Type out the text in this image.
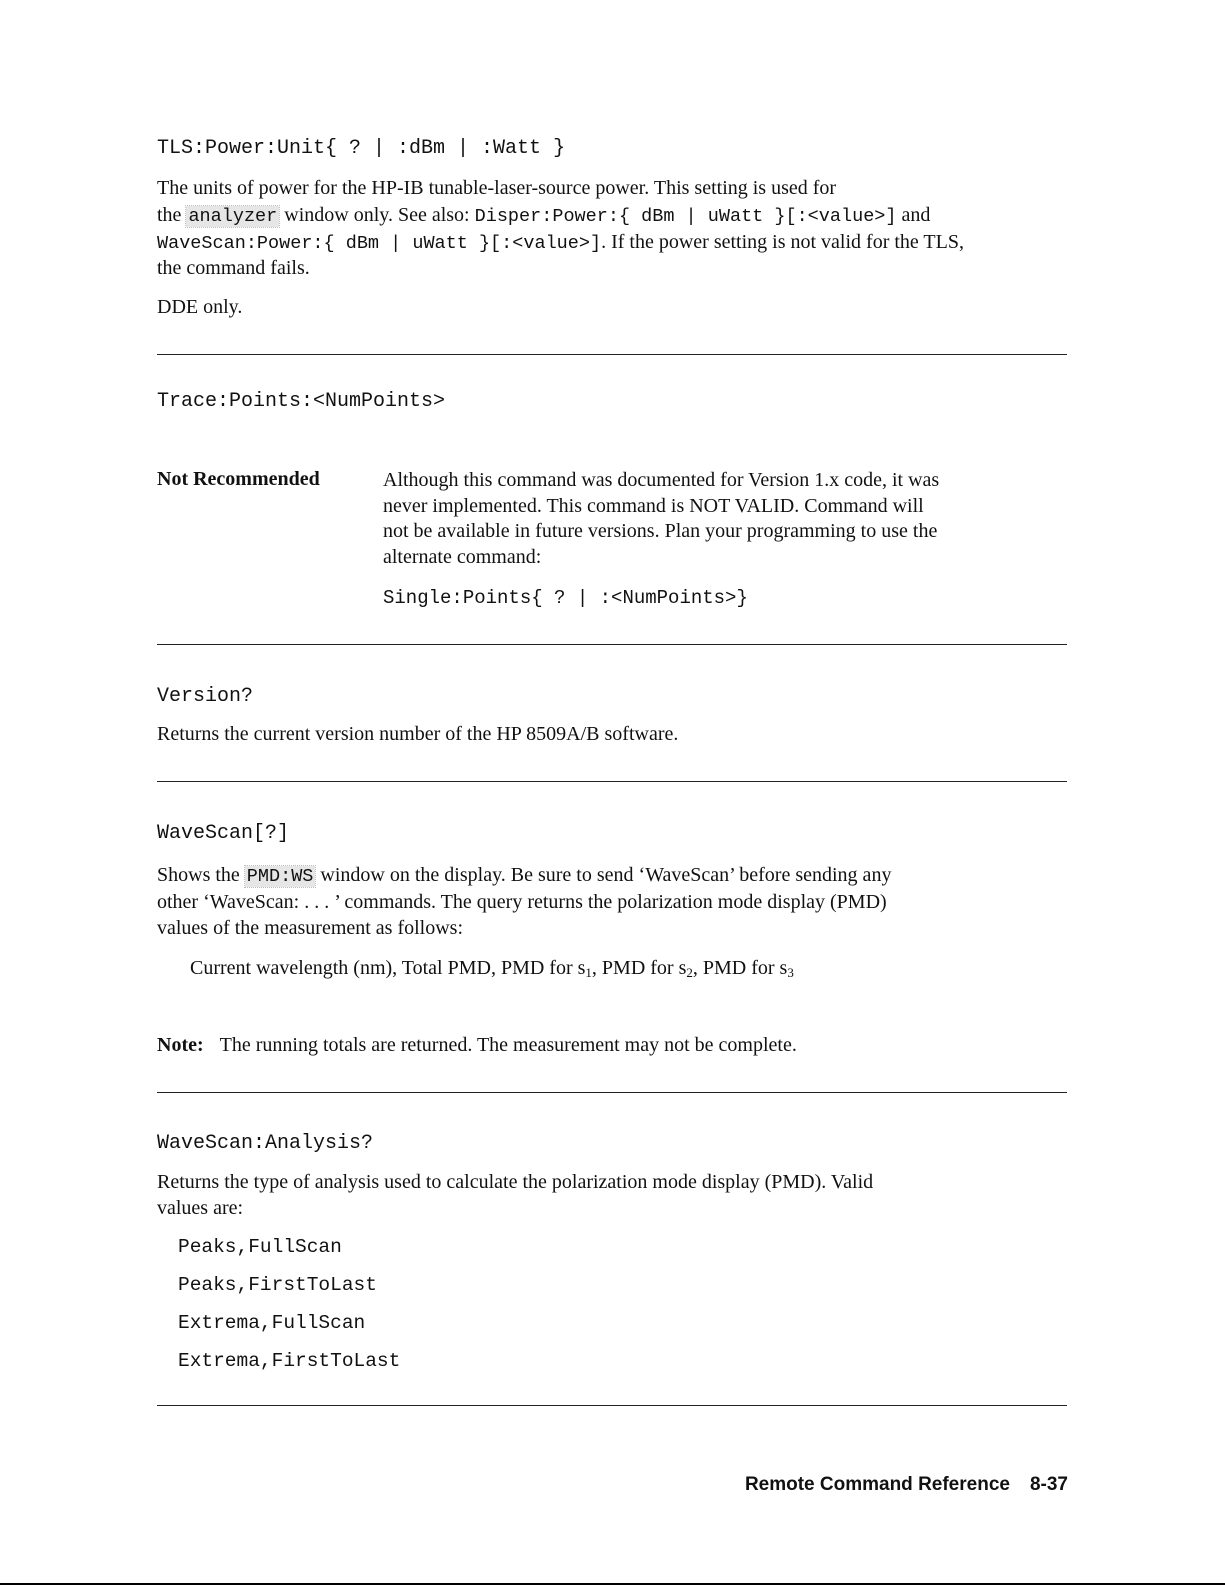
TLS:Power:Unit{ ? | :dBm | :Watt }
The units of power for the HP-IB tunable-laser-source power. This setting is used for
the analyzer window only. See also: Disper:Power:{ dBm | uWatt }[:<value>] and
WaveScan:Power:{ dBm | uWatt }[:<value>]. If the power setting is not valid for the TLS,
the command fails.
DDE only.
Trace:Points:<NumPoints>
Not Recommended	Although this command was documented for Version 1.x code, it was
never implemented. This command is NOT VALID. Command will
not be available in future versions. Plan your programming to use the
alternate command:
Single:Points{ ? | :<NumPoints>}
Version?
Returns the current version number of the HP 8509A/B software.
WaveScan[?]
Shows the PMD:WS window on the display. Be sure to send ‘WaveScan’ before sending any
other ‘WaveScan: . . . ’ commands. The query returns the polarization mode display (PMD)
values of the measurement as follows:
Current wavelength (nm), Total PMD, PMD for $s_1$, PMD for $s_2$, PMD for $s_3$
Note: The running totals are returned. The measurement may not be complete.
WaveScan:Analysis?
Returns the type of analysis used to calculate the polarization mode display (PMD). Valid
values are:
Peaks,FullScan
Peaks,FirstToLast
Extrema,FullScan
Extrema,FirstToLast
Remote Command Reference 8-37
